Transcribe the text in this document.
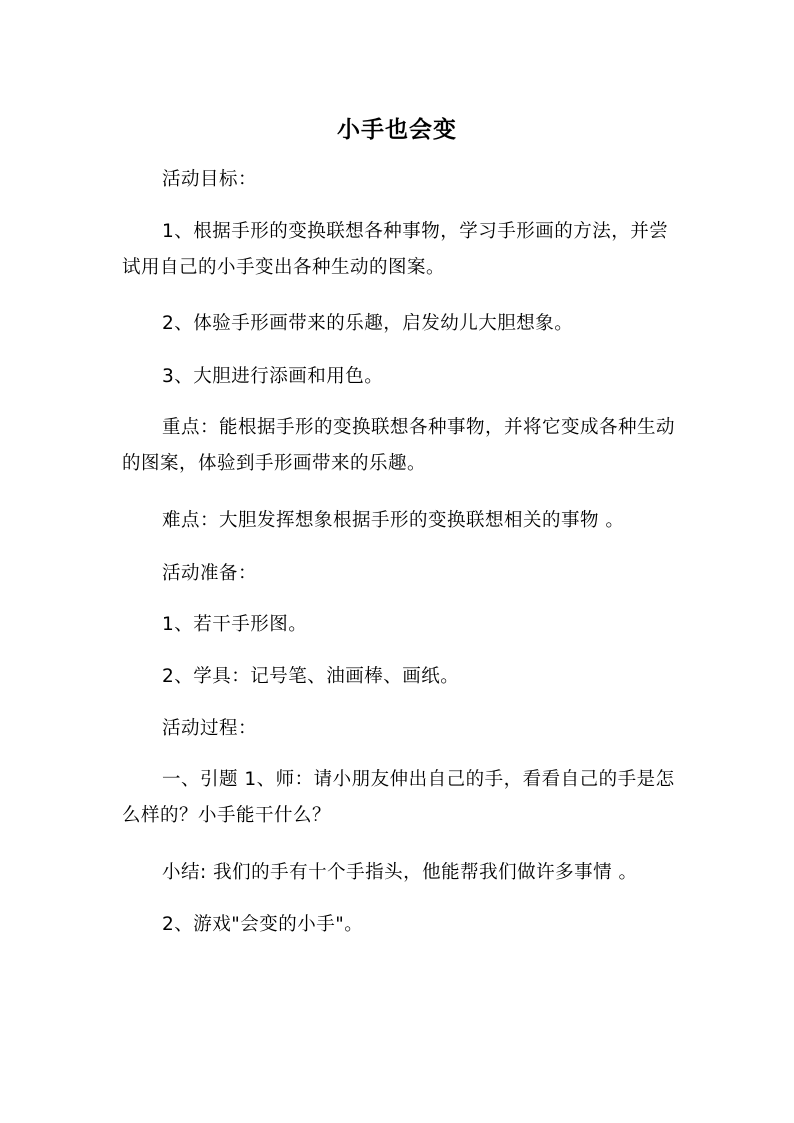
小手也会变
活动目标：
1、根据手形的变换联想各种事物，学习手形画的方法，并尝试用自己的小手变出各种生动的图案。
2、体验手形画带来的乐趣，启发幼儿大胆想象。
3、大胆进行添画和用色。
重点：能根据手形的变换联想各种事物，并将它变成各种生动的图案，体验到手形画带来的乐趣。
难点：大胆发挥想象根据手形的变换联想相关的事物 。
活动准备：
1、若干手形图。
2、学具：记号笔、油画棒、画纸。
活动过程：
一、引题 1、师：请小朋友伸出自己的手，看看自己的手是怎么样的？小手能干什么？
小结: 我们的手有十个手指头，他能帮我们做许多事情 。
2、游戏"会变的小手"。
